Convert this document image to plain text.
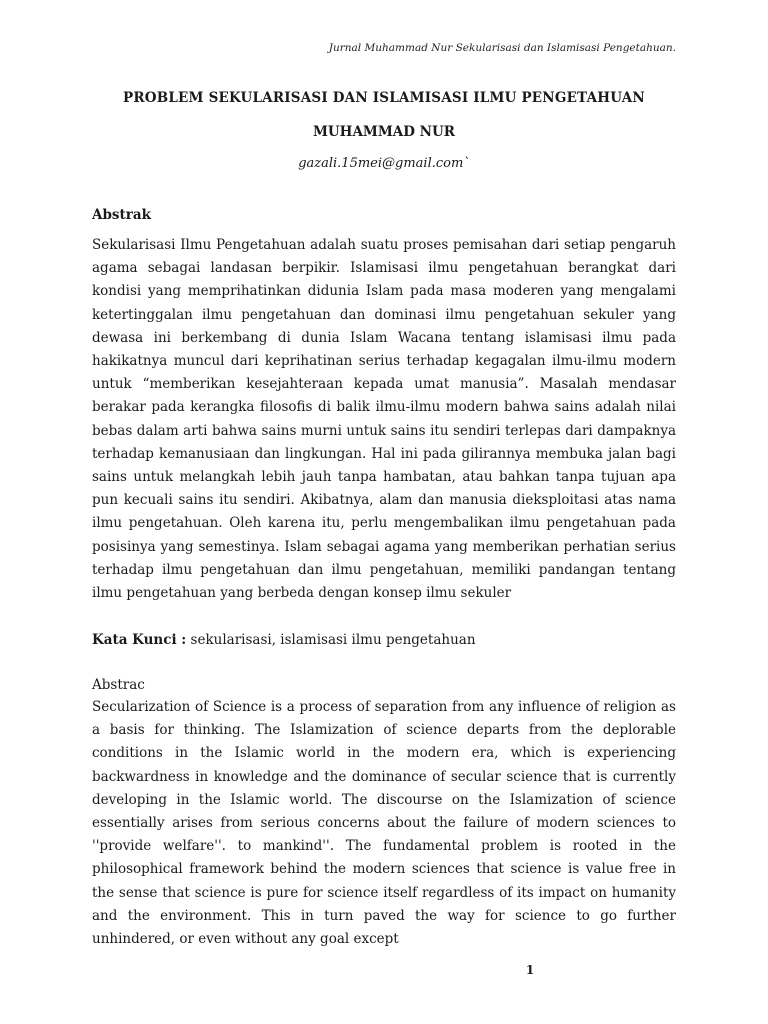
Jurnal Muhammad Nur Sekularisasi dan Islamisasi Pengetahuan.
PROBLEM SEKULARISASI DAN ISLAMISASI ILMU PENGETAHUAN
MUHAMMAD NUR
gazali.15mei@gmail.com`
Abstrak
Sekularisasi Ilmu Pengetahuan adalah suatu proses pemisahan dari setiap pengaruh agama sebagai landasan berpikir. Islamisasi ilmu pengetahuan berangkat dari kondisi yang memprihatinkan didunia Islam pada masa moderen yang mengalami ketertinggalan ilmu pengetahuan dan dominasi ilmu pengetahuan sekuler yang dewasa ini berkembang di dunia Islam Wacana tentang islamisasi ilmu pada hakikatnya muncul dari keprihatinan serius terhadap kegagalan ilmu-ilmu modern untuk “memberikan kesejahteraan kepada umat manusia”. Masalah mendasar berakar pada kerangka filosofis di balik ilmu-ilmu modern bahwa sains adalah nilai bebas dalam arti bahwa sains murni untuk sains itu sendiri terlepas dari dampaknya terhadap kemanusiaan dan lingkungan. Hal ini pada gilirannya membuka jalan bagi sains untuk melangkah lebih jauh tanpa hambatan, atau bahkan tanpa tujuan apa pun kecuali sains itu sendiri. Akibatnya, alam dan manusia dieksploitasi atas nama ilmu pengetahuan. Oleh karena itu, perlu mengembalikan ilmu pengetahuan pada posisinya yang semestinya. Islam sebagai agama yang memberikan perhatian serius terhadap ilmu pengetahuan dan ilmu pengetahuan, memiliki pandangan tentang ilmu pengetahuan yang berbeda dengan konsep ilmu sekuler
Kata Kunci : sekularisasi, islamisasi ilmu pengetahuan
Abstrac
Secularization of Science is a process of separation from any influence of religion as a basis for thinking. The Islamization of science departs from the deplorable conditions in the Islamic world in the modern era, which is experiencing backwardness in knowledge and the dominance of secular science that is currently developing in the Islamic world. The discourse on the Islamization of science essentially arises from serious concerns about the failure of modern sciences to ''provide welfare''. to mankind''. The fundamental problem is rooted in the philosophical framework behind the modern sciences that science is value free in the sense that science is pure for science itself regardless of its impact on humanity and the environment. This in turn paved the way for science to go further unhindered, or even without any goal except
1
